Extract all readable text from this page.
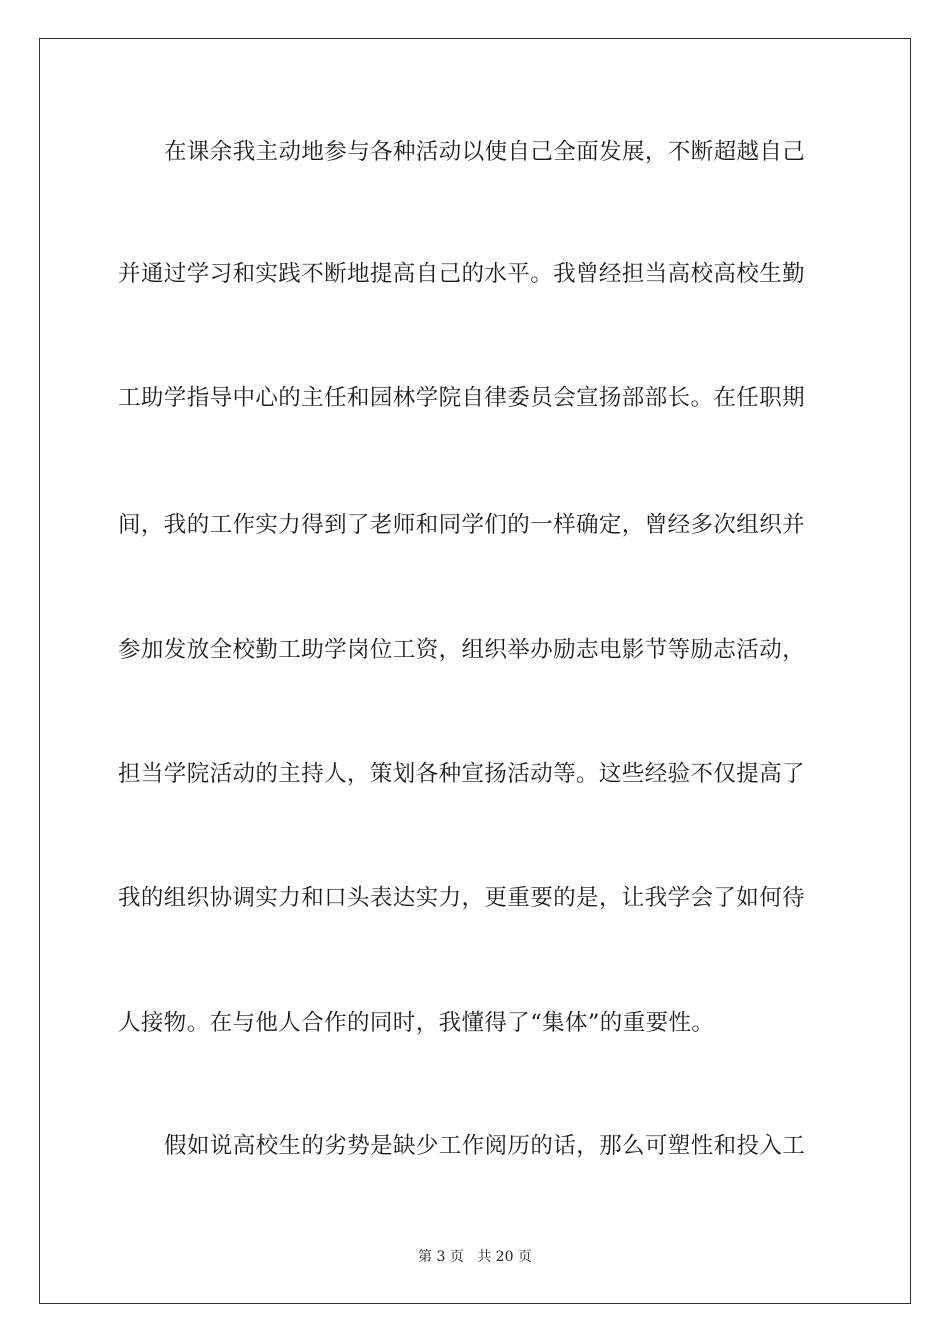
在课余我主动地参与各种活动以使自己全面发展，不断超越自己
并通过学习和实践不断地提高自己的水平。我曾经担当高校高校生勤
工助学指导中心的主任和园林学院自律委员会宣扬部部长。在任职期
间，我的工作实力得到了老师和同学们的一样确定，曾经多次组织并
参加发放全校勤工助学岗位工资，组织举办励志电影节等励志活动，
担当学院活动的主持人，策划各种宣扬活动等。这些经验不仅提高了
我的组织协调实力和口头表达实力，更重要的是，让我学会了如何待
人接物。在与他人合作的同时，我懂得了“集体”的重要性。
假如说高校生的劣势是缺少工作阅历的话，那么可塑性和投入工
第 3 页 共 20 页
